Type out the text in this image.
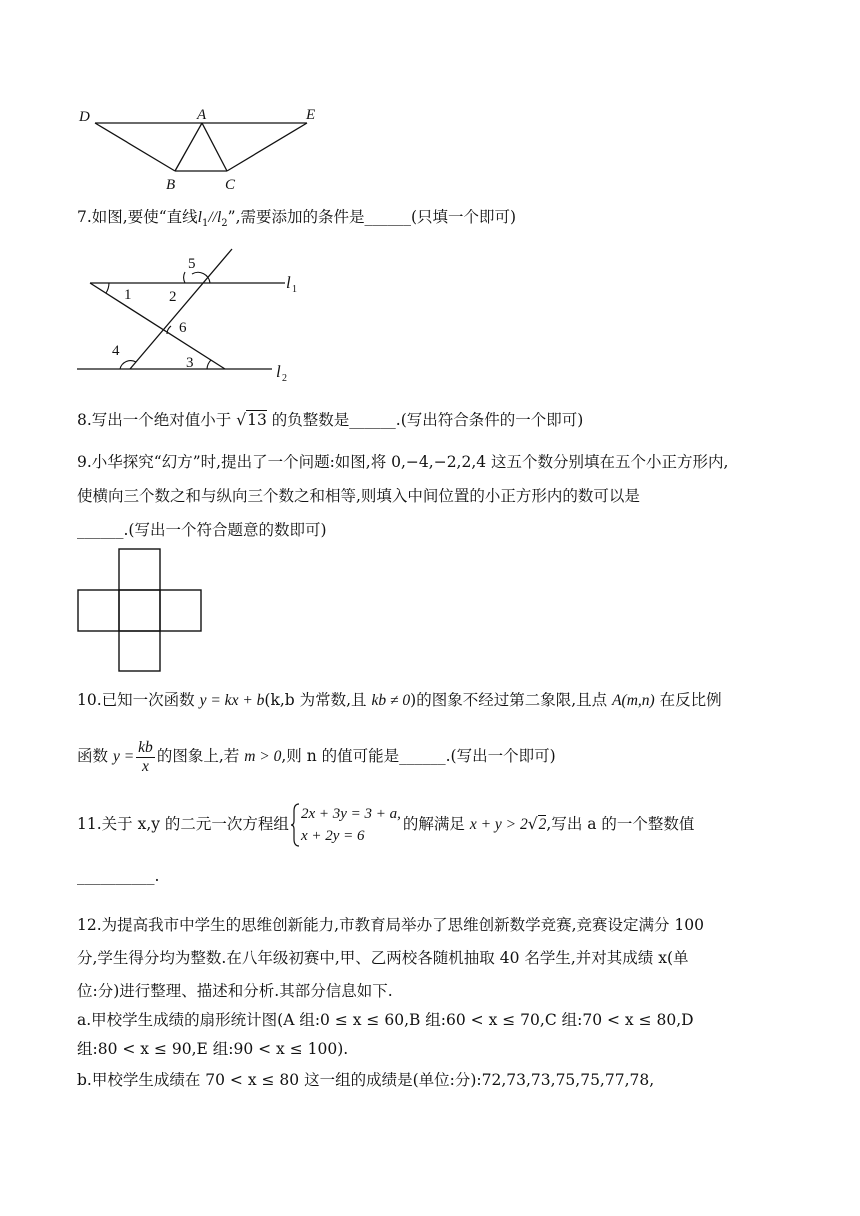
D	A	E
B	C
7.如图,要使“直线$l_1//l_2$”,需要添加的条件是______(只填一个即可)
1	2
3
4
5
6
l 1
l 2
8.写出一个绝对值小于 √13 的负整数是______.(写出符合条件的一个即可)
9.小华探究“幻方”时,提出了一个问题:如图,将 0,−4,−2,2,4 这五个数分别填在五个小正方形内,
使横向三个数之和与纵向三个数之和相等,则填入中间位置的小正方形内的数可以是
______.(写出一个符合题意的数即可)
10.已知一次函数 y = kx + b(k,b 为常数,且 kb ≠ 0)的图象不经过第二象限,且点 A(m,n) 在反比例
函数 $y = \frac{kb}{x}$ 的图象上,若 m > 0,则 n 的值可能是______.(写出一个即可)
11.关于 x,y 的二元一次方程组
2x + 3y = 3 + a,
x + 2y = 6
的解满足 x + y > 2√2,写出 a 的一个整数值
__________.
12.为提高我市中学生的思维创新能力,市教育局举办了思维创新数学竞赛,竞赛设定满分 100
分,学生得分均为整数.在八年级初赛中,甲、乙两校各随机抽取 40 名学生,并对其成绩 x(单
位:分)进行整理、描述和分析.其部分信息如下.
a.甲校学生成绩的扇形统计图(A 组:0 ≤ x ≤ 60,B 组:60 < x ≤ 70,C 组:70 < x ≤ 80,D
组:80 < x ≤ 90,E 组:90 < x ≤ 100).
b.甲校学生成绩在 70 < x ≤ 80 这一组的成绩是(单位:分):72,73,73,75,75,77,78,
